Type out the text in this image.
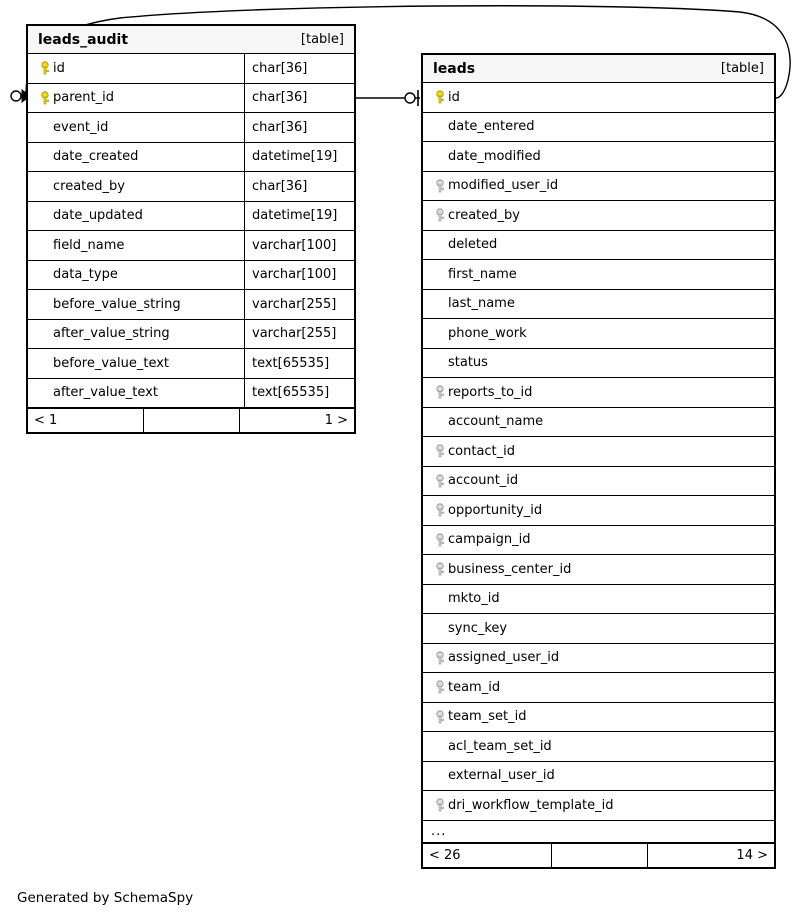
leads_audit	[table]
id	char[36]
parent_id	char[36]
event_id	char[36]
date_created	datetime[19]
created_by	char[36]
date_updated	datetime[19]
field_name	varchar[100]
data_type	varchar[100]
before_value_string	varchar[255]
after_value_string	varchar[255]
before_value_text	text[65535]
after_value_text	text[65535]
< 1	1 >
leads	[table]
id
date_entered
date_modified
modified_user_id
created_by
deleted
first_name
last_name
phone_work
status
reports_to_id
account_name
contact_id
account_id
opportunity_id
campaign_id
business_center_id
mkto_id
sync_key
assigned_user_id
team_id
team_set_id
acl_team_set_id
external_user_id
dri_workflow_template_id
...
< 26	14 >
Generated by SchemaSpy
